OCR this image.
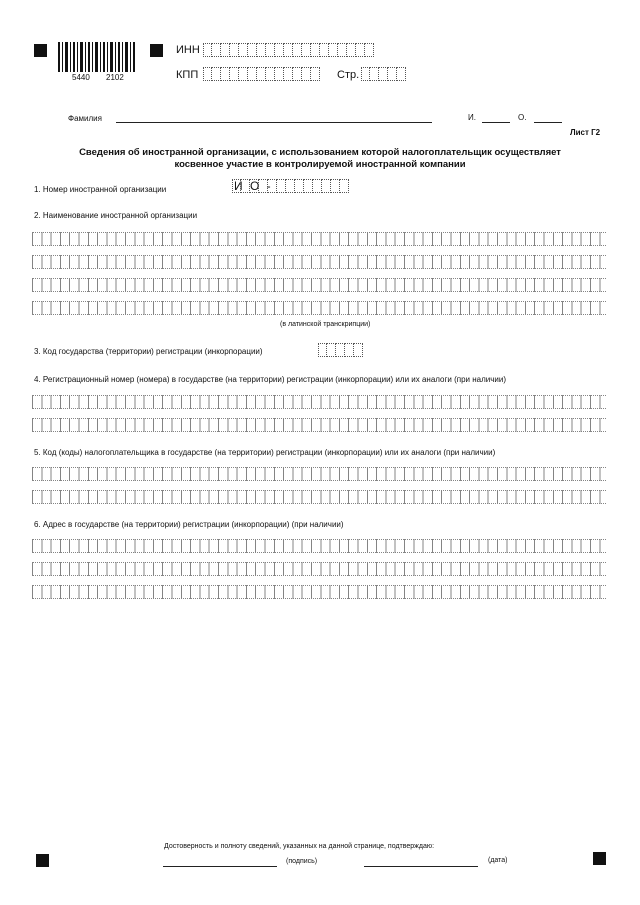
5440 2102
ИНН
КПП	Стр.
Фамилия	И.	О.
Лист Г2
Сведения об иностранной организации, с использованием которой налогоплательщик осуществляет
косвенное участие в контролируемой иностранной компании
1. Номер иностранной организации	И О -
2. Наименование иностранной организации
(в латинской транскрипции)
3. Код государства (территории) регистрации (инкорпорации)
4. Регистрационный номер (номера) в государстве (на территории) регистрации (инкорпорации) или их аналоги (при наличии)
5. Код (коды) налогоплательщика в государстве (на территории) регистрации (инкорпорации) или их аналоги (при наличии)
6. Адрес в государстве (на территории) регистрации (инкорпорации) (при наличии)
Достоверность и полноту сведений, указанных на данной странице, подтверждаю:
(подпись)	(дата)
